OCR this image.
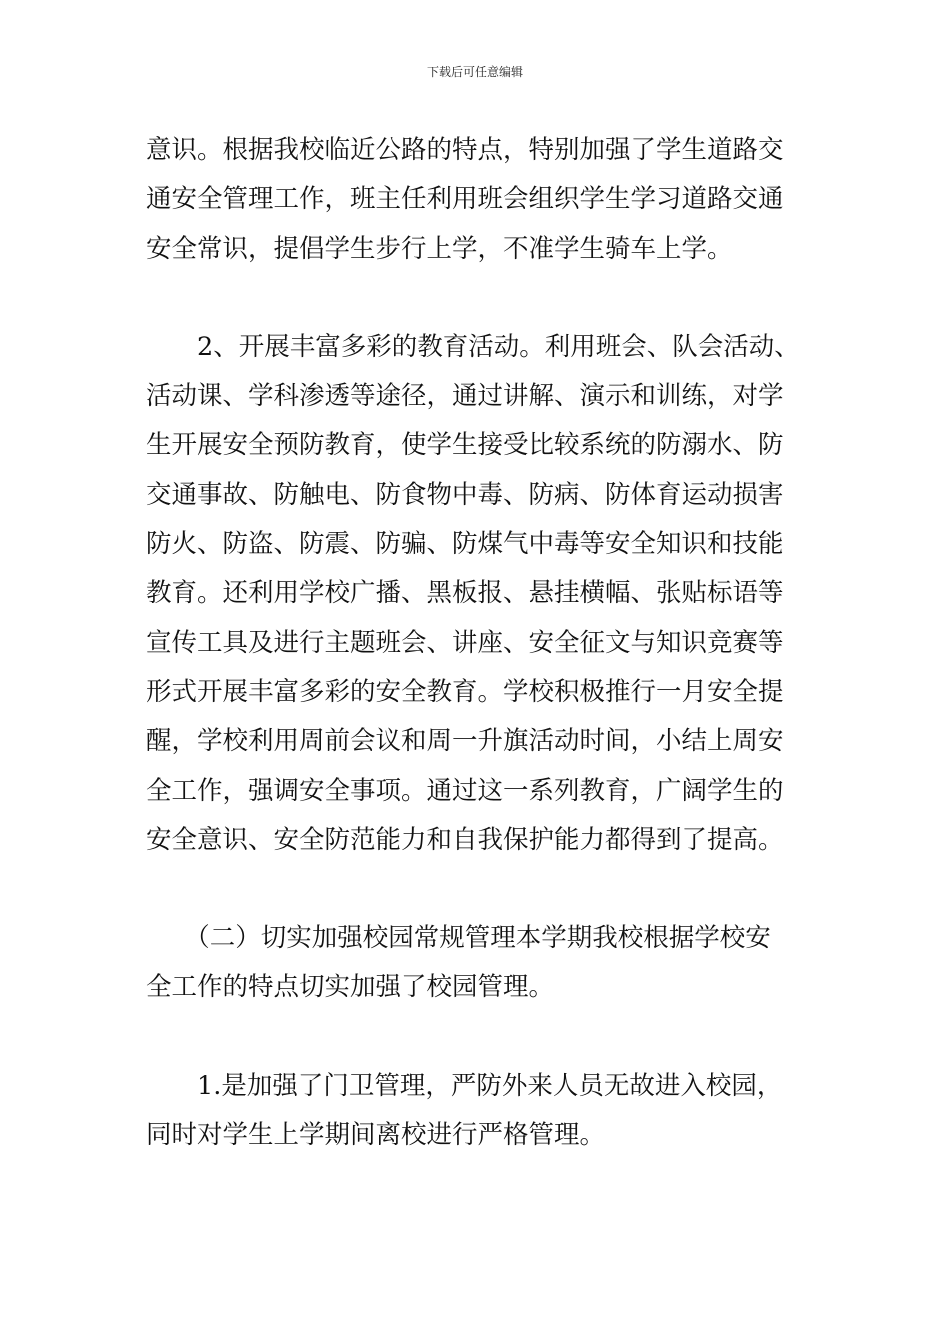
下载后可任意编辑

意识。根据我校临近公路的特点，特别加强了学生道路交
通安全管理工作，班主任利用班会组织学生学习道路交通
安全常识，提倡学生步行上学，不准学生骑车上学。

　　2、开展丰富多彩的教育活动。利用班会、队会活动、
活动课、学科渗透等途径，通过讲解、演示和训练，对学
生开展安全预防教育，使学生接受比较系统的防溺水、防
交通事故、防触电、防食物中毒、防病、防体育运动损害
防火、防盗、防震、防骗、防煤气中毒等安全知识和技能
教育。还利用学校广播、黑板报、悬挂横幅、张贴标语等
宣传工具及进行主题班会、讲座、安全征文与知识竞赛等
形式开展丰富多彩的安全教育。学校积极推行一月安全提
醒，学校利用周前会议和周一升旗活动时间，小结上周安
全工作，强调安全事项。通过这一系列教育，广阔学生的
安全意识、安全防范能力和自我保护能力都得到了提高。

　　（二）切实加强校园常规管理本学期我校根据学校安
全工作的特点切实加强了校园管理。

　　1.是加强了门卫管理，严防外来人员无故进入校园，
同时对学生上学期间离校进行严格管理。
